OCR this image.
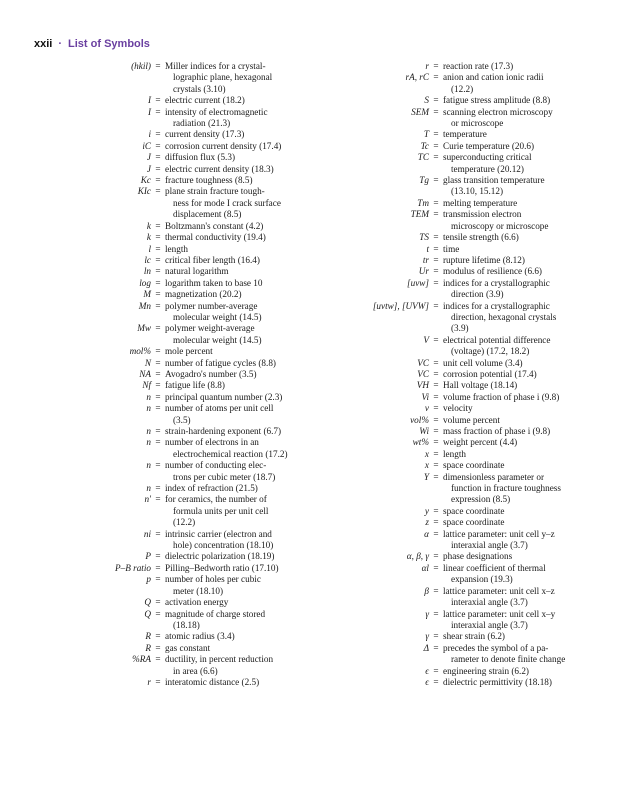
xxii · List of Symbols
(hkil) = Miller indices for a crystal-
lographic plane, hexagonal
crystals (3.10)
I = electric current (18.2)
I = intensity of electromagnetic
radiation (21.3)
i = current density (17.3)
iC = corrosion current density (17.4)
J = diffusion flux (5.3)
J = electric current density (18.3)
Kc = fracture toughness (8.5)
KIc = plane strain fracture tough-
ness for mode I crack surface
displacement (8.5)
k = Boltzmann's constant (4.2)
k = thermal conductivity (19.4)
l = length
lc = critical fiber length (16.4)
ln = natural logarithm
log = logarithm taken to base 10
M = magnetization (20.2)
Mn = polymer number-average
molecular weight (14.5)
Mw = polymer weight-average
molecular weight (14.5)
mol% = mole percent
N = number of fatigue cycles (8.8)
NA = Avogadro's number (3.5)
Nf = fatigue life (8.8)
n = principal quantum number (2.3)
n = number of atoms per unit cell
(3.5)
n = strain-hardening exponent (6.7)
n = number of electrons in an
electrochemical reaction (17.2)
n = number of conducting elec-
trons per cubic meter (18.7)
n = index of refraction (21.5)
n' = for ceramics, the number of
formula units per unit cell
(12.2)
ni = intrinsic carrier (electron and
hole) concentration (18.10)
P = dielectric polarization (18.19)
P–B ratio = Pilling–Bedworth ratio (17.10)
p = number of holes per cubic
meter (18.10)
Q = activation energy
Q = magnitude of charge stored
(18.18)
R = atomic radius (3.4)
R = gas constant
%RA = ductility, in percent reduction
in area (6.6)
r = interatomic distance (2.5)
r = reaction rate (17.3)
rA, rC = anion and cation ionic radii
(12.2)
S = fatigue stress amplitude (8.8)
SEM = scanning electron microscopy
or microscope
T = temperature
Tc = Curie temperature (20.6)
TC = superconducting critical
temperature (20.12)
Tg = glass transition temperature
(13.10, 15.12)
Tm = melting temperature
TEM = transmission electron
microscopy or microscope
TS = tensile strength (6.6)
t = time
tr = rupture lifetime (8.12)
Ur = modulus of resilience (6.6)
[uvw] = indices for a crystallographic
direction (3.9)
[uvtw], [UVW] = indices for a crystallographic
direction, hexagonal crystals
(3.9)
V = electrical potential difference
(voltage) (17.2, 18.2)
VC = unit cell volume (3.4)
VC = corrosion potential (17.4)
VH = Hall voltage (18.14)
Vi = volume fraction of phase i (9.8)
v = velocity
vol% = volume percent
Wi = mass fraction of phase i (9.8)
wt% = weight percent (4.4)
x = length
x = space coordinate
Y = dimensionless parameter or
function in fracture toughness
expression (8.5)
y = space coordinate
z = space coordinate
α = lattice parameter: unit cell y–z
interaxial angle (3.7)
α, β, γ = phase designations
αl = linear coefficient of thermal
expansion (19.3)
β = lattice parameter: unit cell x–z
interaxial angle (3.7)
γ = lattice parameter: unit cell x–y
interaxial angle (3.7)
γ = shear strain (6.2)
Δ = precedes the symbol of a pa-
rameter to denote finite change
ϵ = engineering strain (6.2)
ϵ = dielectric permittivity (18.18)
